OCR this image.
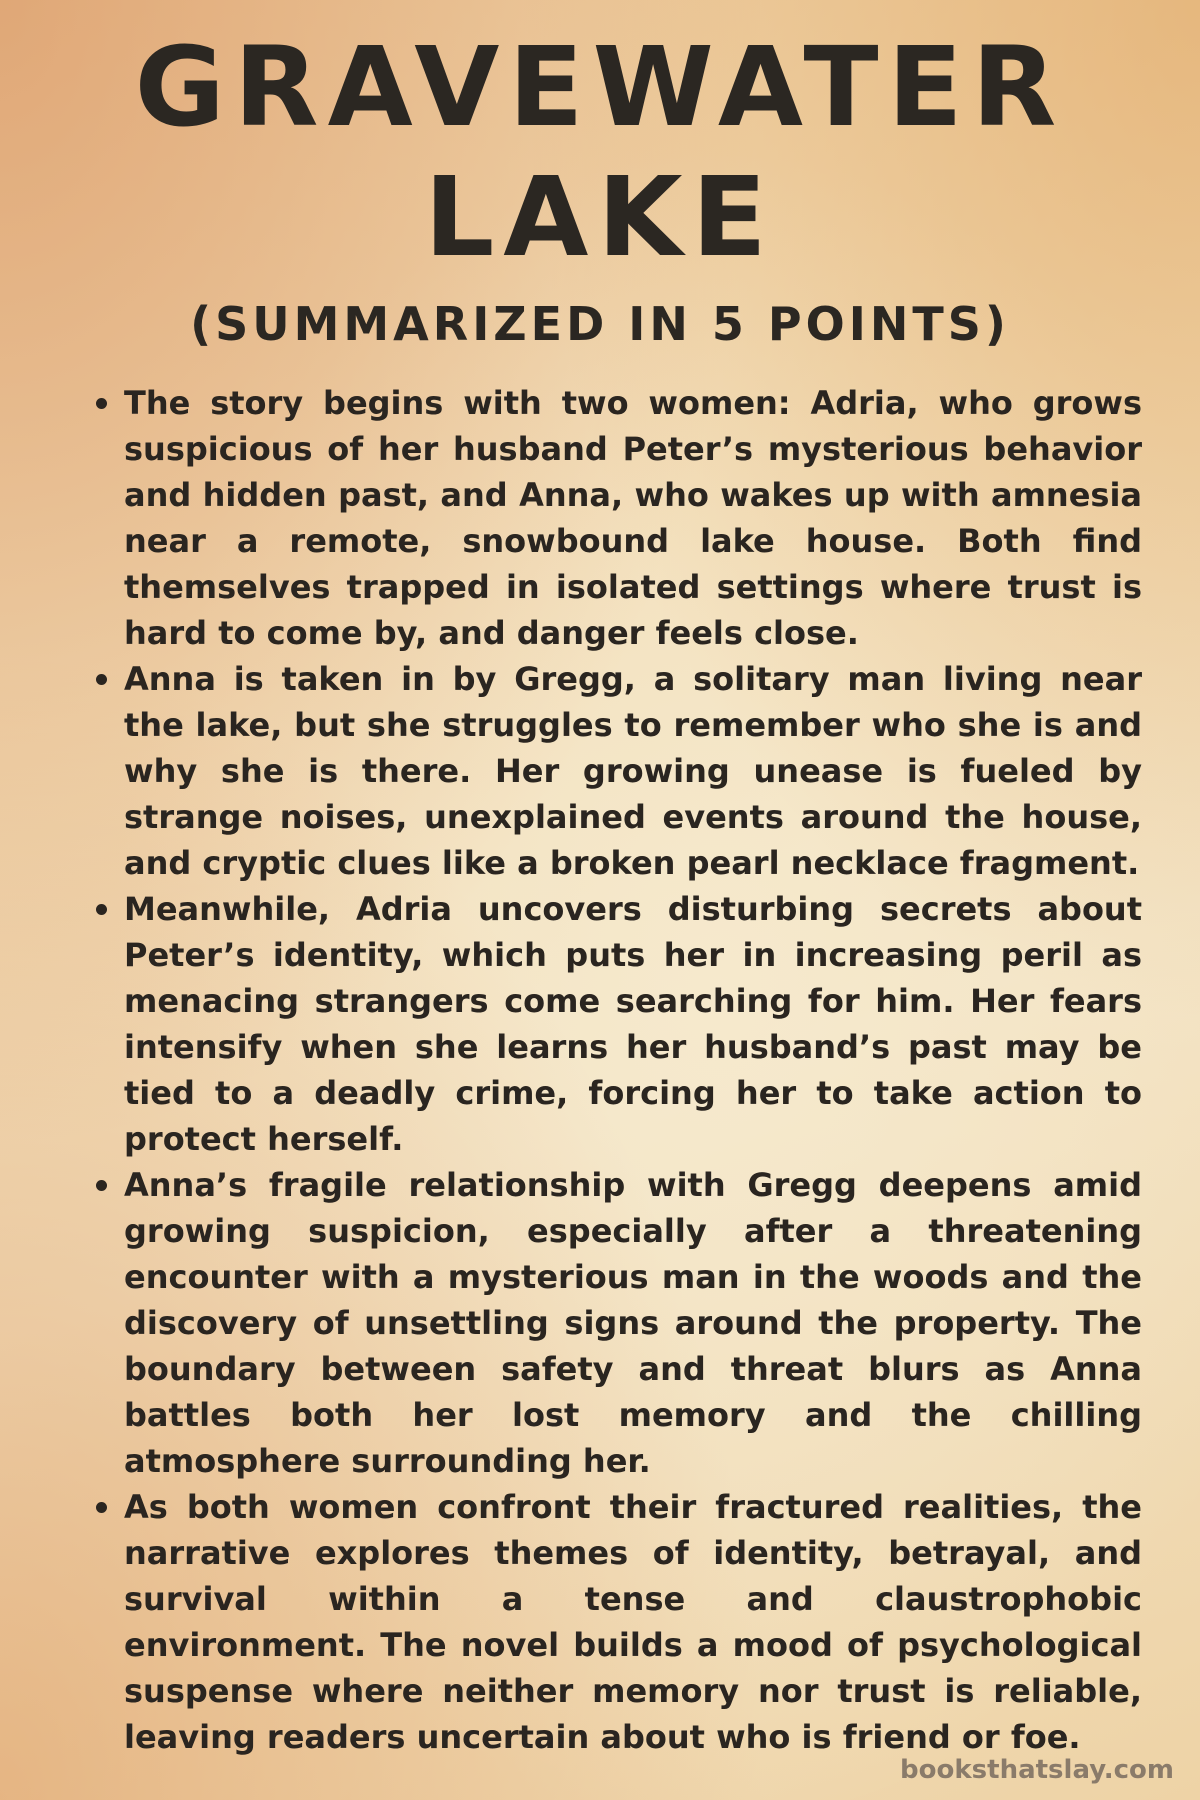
GRAVEWATER
LAKE
(SUMMARIZED IN 5 POINTS)
The story begins with two women: Adria, who grows suspicious of her husband Peter’s mysterious behavior and hidden past, and Anna, who wakes up with amnesia near a remote, snowbound lake house. Both find themselves trapped in isolated settings where trust is hard to come by, and danger feels close.
Anna is taken in by Gregg, a solitary man living near the lake, but she struggles to remember who she is and why she is there. Her growing unease is fueled by strange noises, unexplained events around the house, and cryptic clues like a broken pearl necklace fragment.
Meanwhile, Adria uncovers disturbing secrets about Peter’s identity, which puts her in increasing peril as menacing strangers come searching for him. Her fears intensify when she learns her husband’s past may be tied to a deadly crime, forcing her to take action to protect herself.
Anna’s fragile relationship with Gregg deepens amid growing suspicion, especially after a threatening encounter with a mysterious man in the woods and the discovery of unsettling signs around the property. The boundary between safety and threat blurs as Anna battles both her lost memory and the chilling atmosphere surrounding her.
As both women confront their fractured realities, the narrative explores themes of identity, betrayal, and survival within a tense and claustrophobic environment. The novel builds a mood of psychological suspense where neither memory nor trust is reliable, leaving readers uncertain about who is friend or foe.
booksthatslay.com
